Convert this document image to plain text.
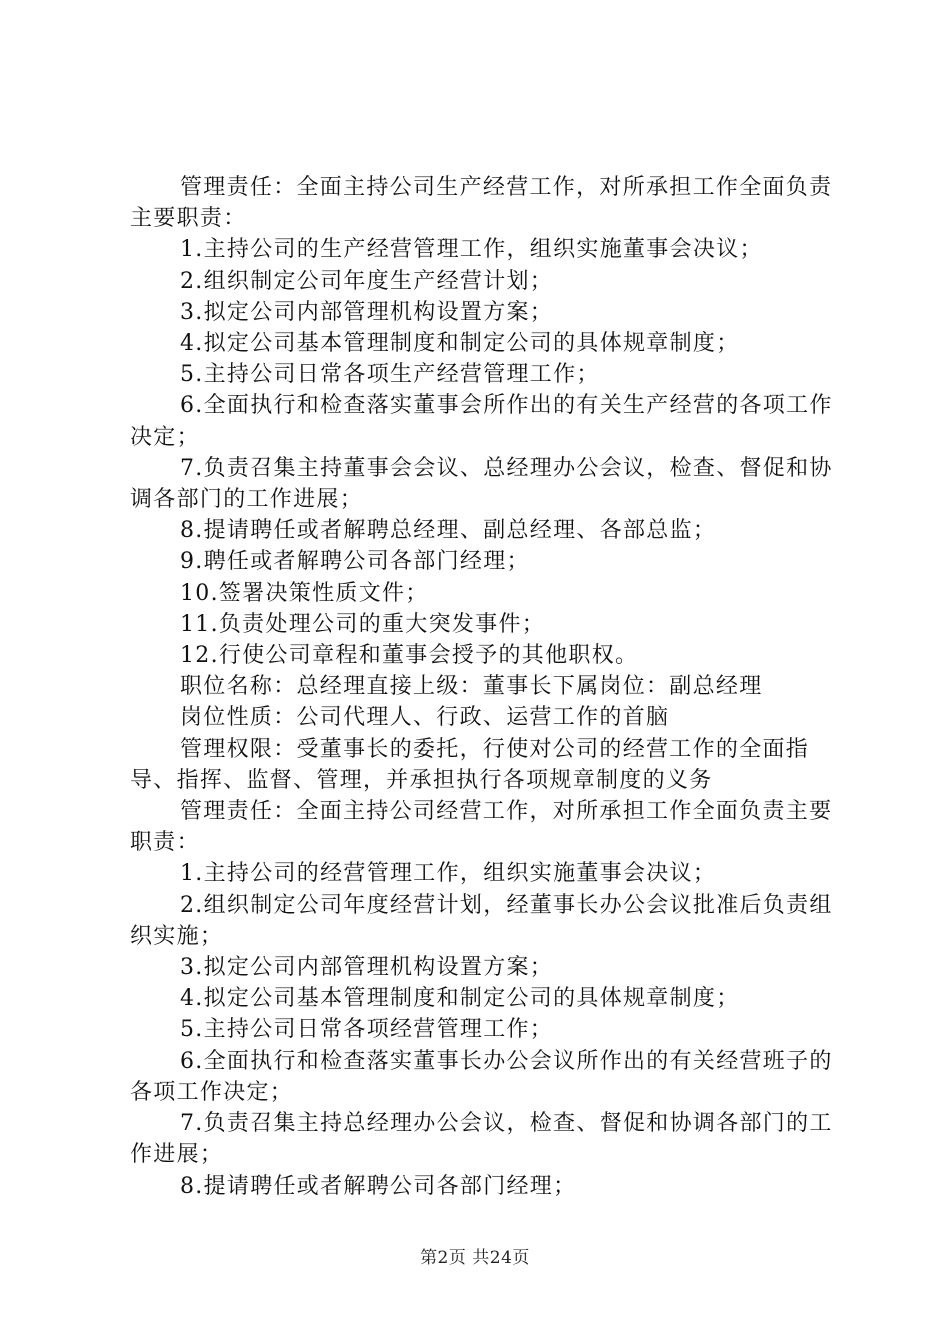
管理责任：全面主持公司生产经营工作，对所承担工作全面负责主要职责：

1.主持公司的生产经营管理工作，组织实施董事会决议；

2.组织制定公司年度生产经营计划；

3.拟定公司内部管理机构设置方案；

4.拟定公司基本管理制度和制定公司的具体规章制度；

5.主持公司日常各项生产经营管理工作；

6.全面执行和检查落实董事会所作出的有关生产经营的各项工作决定；

7.负责召集主持董事会会议、总经理办公会议，检查、督促和协调各部门的工作进展；

8.提请聘任或者解聘总经理、副总经理、各部总监；

9.聘任或者解聘公司各部门经理；

10.签署决策性质文件；

11.负责处理公司的重大突发事件；

12.行使公司章程和董事会授予的其他职权。

职位名称：总经理直接上级：董事长下属岗位：副总经理

岗位性质：公司代理人、行政、运营工作的首脑

管理权限：受董事长的委托，行使对公司的经营工作的全面指导、指挥、监督、管理，并承担执行各项规章制度的义务

管理责任：全面主持公司经营工作，对所承担工作全面负责主要职责：

1.主持公司的经营管理工作，组织实施董事会决议；

2.组织制定公司年度经营计划，经董事长办公会议批准后负责组织实施；

3.拟定公司内部管理机构设置方案；

4.拟定公司基本管理制度和制定公司的具体规章制度；

5.主持公司日常各项经营管理工作；

6.全面执行和检查落实董事长办公会议所作出的有关经营班子的各项工作决定；

7.负责召集主持总经理办公会议，检查、督促和协调各部门的工作进展；

8.提请聘任或者解聘公司各部门经理；

第2页 共24页
